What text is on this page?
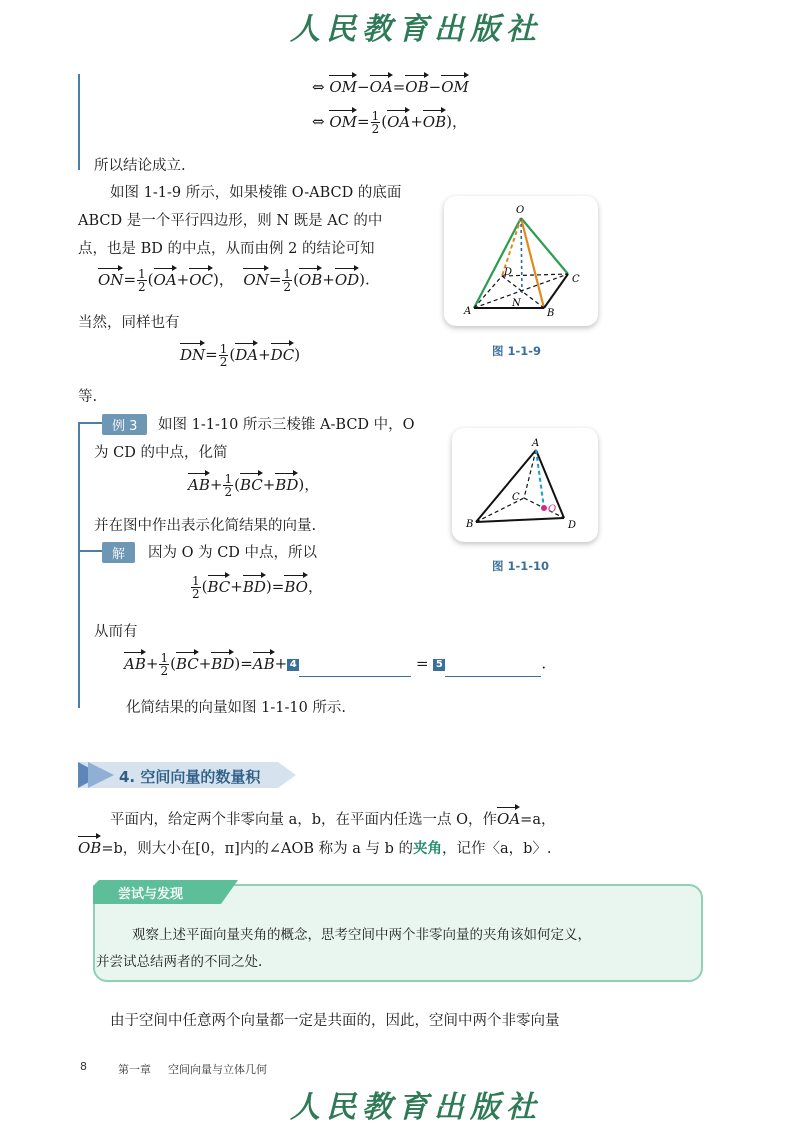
人民教育出版社
⇔ OM−OA=OB−OM
⇔ $OM= \frac{1}{2} (OA+OB)$，
所以结论成立.
如图 1-1-9 所示，如果棱锥 O-ABCD 的底面
ABCD 是一个平行四边形，则 N 既是 AC 的中
点，也是 BD 的中点，从而由例 2 的结论可知
$ON= \frac{1}{2} (OA+OC)$，  $ON= \frac{1}{2} (OB+OD)$.
当然，同样也有
$DN= \frac{1}{2} (DA+DC)$
等.
O
A	B
C
D
N
图 1-1-9
例 3	如图 1-1-10 所示三棱锥 A-BCD 中，O
为 CD 的中点，化简
$AB+ \frac{1}{2} (BC+BD)$，
并在图中作出表示化简结果的向量.
解	因为 O 为 CD 中点，所以
$\frac{1}{2} (BC+BD)=BO$，
从而有
$AB+ \frac{1}{2} (BC+BD)=AB+ 4$	= 5	.
化简结果的向量如图 1-1-10 所示.
A
B
C
D
O
图 1-1-10
4. 空间向量的数量积
平面内，给定两个非零向量 a，b，在平面内任选一点 O，作OA=a，
OB=b，则大小在[0，π]内的∠AOB 称为 a 与 b 的夹角，记作〈a，b〉.
尝试与发现
观察上述平面向量夹角的概念，思考空间中两个非零向量的夹角该如何定义，
并尝试总结两者的不同之处.
由于空间中任意两个向量都一定是共面的，因此，空间中两个非零向量
8	第一章 空间向量与立体几何
人民教育出版社
